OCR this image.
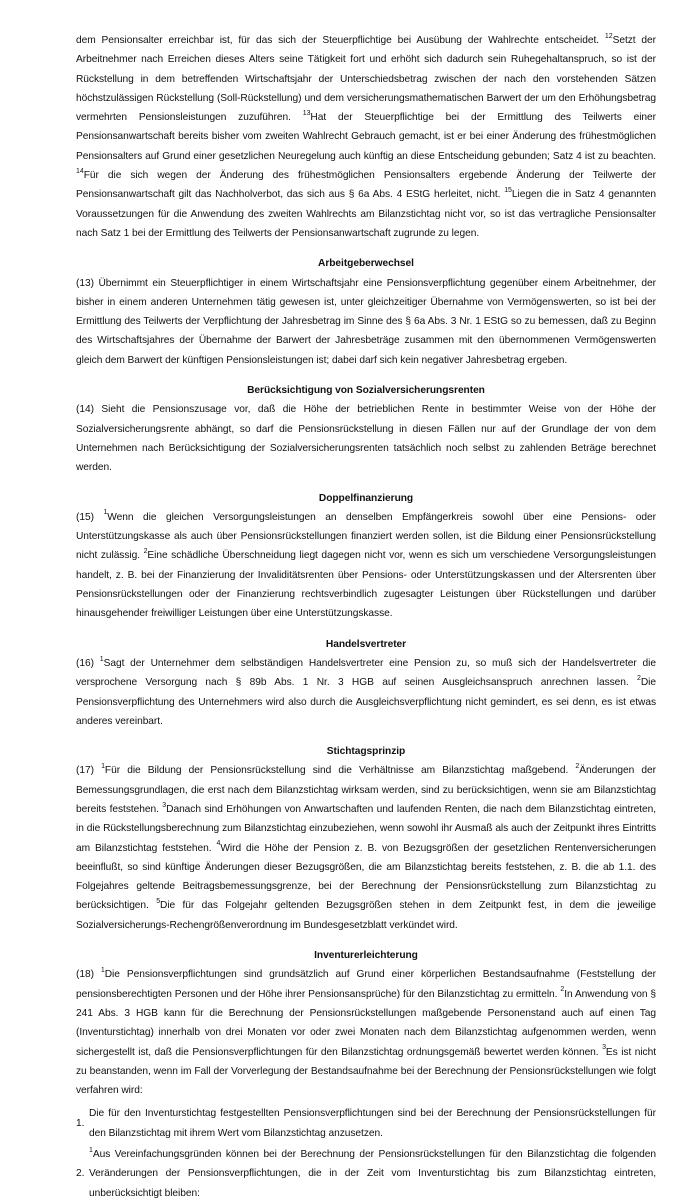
dem Pensionsalter erreichbar ist, für das sich der Steuerpflichtige bei Ausübung der Wahlrechte entscheidet. $^{12}$Setzt der Arbeitnehmer nach Erreichen dieses Alters seine Tätigkeit fort und erhöht sich dadurch sein Ruhegehaltanspruch, so ist der Rückstellung in dem betreffenden Wirtschaftsjahr der Unterschiedsbetrag zwischen der nach den vorstehenden Sätzen höchstzulässigen Rückstellung (Soll-Rückstellung) und dem versicherungsmathematischen Barwert der um den Erhöhungsbetrag vermehrten Pensionsleistungen zuzuführen. $^{13}$Hat der Steuerpflichtige bei der Ermittlung des Teilwerts einer Pensionsanwartschaft bereits bisher vom zweiten Wahlrecht Gebrauch gemacht, ist er bei einer Änderung des frühestmöglichen Pensionsalters auf Grund einer gesetzlichen Neuregelung auch künftig an diese Entscheidung gebunden; Satz 4 ist zu beachten. $^{14}$Für die sich wegen der Änderung des frühestmöglichen Pensionsalters ergebende Änderung der Teilwerte der Pensionsanwartschaft gilt das Nachholverbot, das sich aus § 6a Abs. 4 EStG herleitet, nicht. $^{15}$Liegen die in Satz 4 genannten Voraussetzungen für die Anwendung des zweiten Wahlrechts am Bilanzstichtag nicht vor, so ist das vertragliche Pensionsalter nach Satz 1 bei der Ermittlung des Teilwerts der Pensionsanwartschaft zugrunde zu legen.

Arbeitgeberwechsel

(13) Übernimmt ein Steuerpflichtiger in einem Wirtschaftsjahr eine Pensionsverpflichtung gegenüber einem Arbeitnehmer, der bisher in einem anderen Unternehmen tätig gewesen ist, unter gleichzeitiger Übernahme von Vermögenswerten, so ist bei der Ermittlung des Teilwerts der Verpflichtung der Jahresbetrag im Sinne des § 6a Abs. 3 Nr. 1 EStG so zu bemessen, daß zu Beginn des Wirtschaftsjahres der Übernahme der Barwert der Jahresbeträge zusammen mit den übernommenen Vermögenswerten gleich dem Barwert der künftigen Pensionsleistungen ist; dabei darf sich kein negativer Jahresbetrag ergeben.

Berücksichtigung von Sozialversicherungsrenten

(14) Sieht die Pensionszusage vor, daß die Höhe der betrieblichen Rente in bestimmter Weise von der Höhe der Sozialversicherungsrente abhängt, so darf die Pensionsrückstellung in diesen Fällen nur auf der Grundlage der von dem Unternehmen nach Berücksichtigung der Sozialversicherungsrenten tatsächlich noch selbst zu zahlenden Beträge berechnet werden.

Doppelfinanzierung

(15) $^1$Wenn die gleichen Versorgungsleistungen an denselben Empfängerkreis sowohl über eine Pensions- oder Unterstützungskasse als auch über Pensionsrückstellungen finanziert werden sollen, ist die Bildung einer Pensionsrückstellung nicht zulässig. $^2$Eine schädliche Überschneidung liegt dagegen nicht vor, wenn es sich um verschiedene Versorgungsleistungen handelt, z. B. bei der Finanzierung der Invaliditätsrenten über Pensions- oder Unterstützungskassen und der Altersrenten über Pensionsrückstellungen oder der Finanzierung rechtsverbindlich zugesagter Leistungen über Rückstellungen und darüber hinausgehender freiwilliger Leistungen über eine Unterstützungskasse.

Handelsvertreter

(16) $^1$Sagt der Unternehmer dem selbständigen Handelsvertreter eine Pension zu, so muß sich der Handelsvertreter die versprochene Versorgung nach § 89b Abs. 1 Nr. 3 HGB auf seinen Ausgleichsanspruch anrechnen lassen. $^2$Die Pensionsverpflichtung des Unternehmers wird also durch die Ausgleichsverpflichtung nicht gemindert, es sei denn, es ist etwas anderes vereinbart.

Stichtagsprinzip

(17) $^1$Für die Bildung der Pensionsrückstellung sind die Verhältnisse am Bilanzstichtag maßgebend. $^2$Änderungen der Bemessungsgrundlagen, die erst nach dem Bilanzstichtag wirksam werden, sind zu berücksichtigen, wenn sie am Bilanzstichtag bereits feststehen. $^3$Danach sind Erhöhungen von Anwartschaften und laufenden Renten, die nach dem Bilanzstichtag eintreten, in die Rückstellungsberechnung zum Bilanzstichtag einzubeziehen, wenn sowohl ihr Ausmaß als auch der Zeitpunkt ihres Eintritts am Bilanzstichtag feststehen. $^4$Wird die Höhe der Pension z. B. von Bezugsgrößen der gesetzlichen Rentenversicherungen beeinflußt, so sind künftige Änderungen dieser Bezugsgrößen, die am Bilanzstichtag bereits feststehen, z. B. die ab 1.1. des Folgejahres geltende Beitragsbemessungsgrenze, bei der Berechnung der Pensionsrückstellung zum Bilanzstichtag zu berücksichtigen. $^5$Die für das Folgejahr geltenden Bezugsgrößen stehen in dem Zeitpunkt fest, in dem die jeweilige Sozialversicherungs-Rechengrößenverordnung im Bundesgesetzblatt verkündet wird.

Inventurerleichterung

(18) $^1$Die Pensionsverpflichtungen sind grundsätzlich auf Grund einer körperlichen Bestandsaufnahme (Feststellung der pensionsberechtigten Personen und der Höhe ihrer Pensionsansprüche) für den Bilanzstichtag zu ermitteln. $^2$In Anwendung von § 241 Abs. 3 HGB kann für die Berechnung der Pensionsrückstellungen maßgebende Personenstand auch auf einen Tag (Inventurstichtag) innerhalb von drei Monaten vor oder zwei Monaten nach dem Bilanzstichtag aufgenommen werden, wenn sichergestellt ist, daß die Pensionsverpflichtungen für den Bilanzstichtag ordnungsgemäß bewertet werden können. $^3$Es ist nicht zu beanstanden, wenn im Fall der Vorverlegung der Bestandsaufnahme bei der Berechnung der Pensionsrückstellungen wie folgt verfahren wird:

1.
Die für den Inventurstichtag festgestellten Pensionsverpflichtungen sind bei der Berechnung der Pensionsrückstellungen für den Bilanzstichtag mit ihrem Wert vom Bilanzstichtag anzusetzen.
2.
$^1$Aus Vereinfachungsgründen können bei der Berechnung der Pensionsrückstellungen für den Bilanzstichtag die folgenden Veränderungen der Pensionsverpflichtungen, die in der Zeit vom Inventurstichtag bis zum Bilanzstichtag eintreten, unberücksichtigt bleiben:
